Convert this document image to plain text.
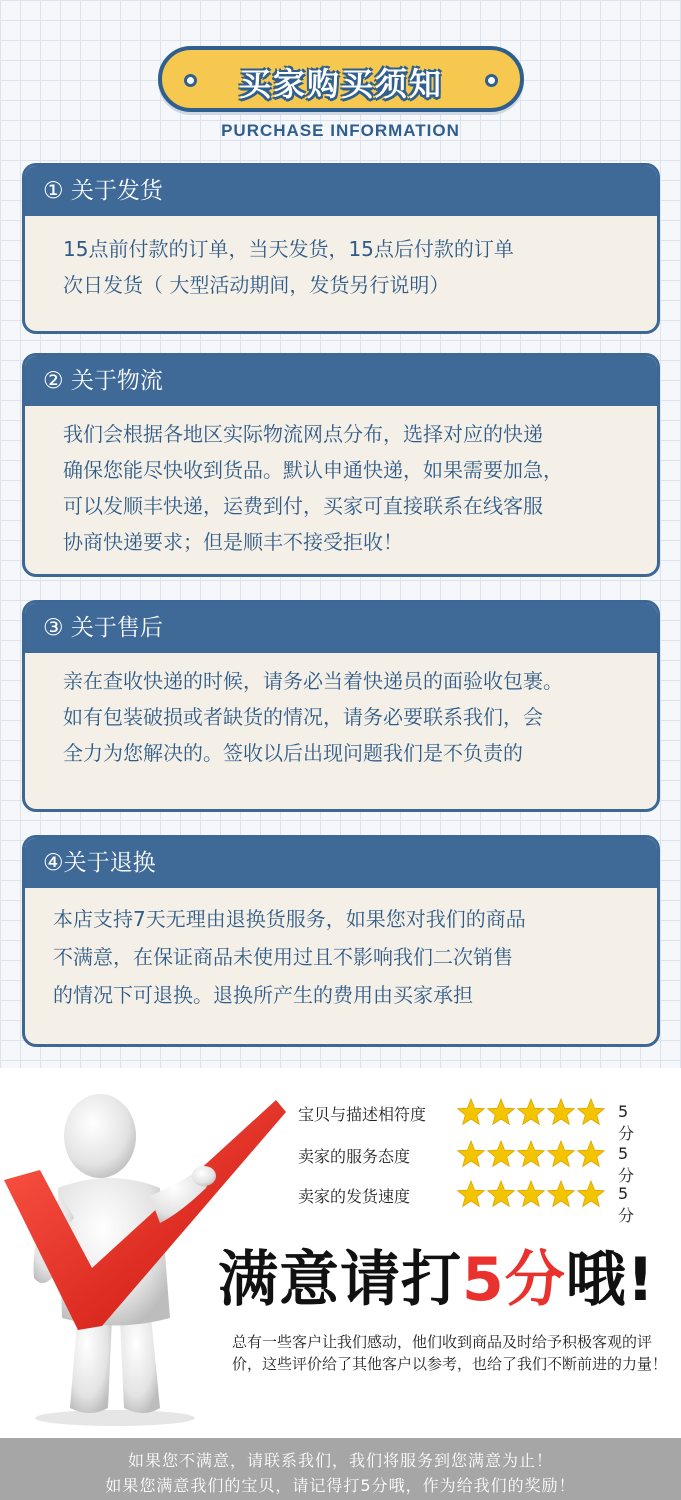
买家购买须知
PURCHASE INFORMATION
① 关于发货
15点前付款的订单，当天发货，15点后付款的订单
次日发货（ 大型活动期间，发货另行说明）
② 关于物流
我们会根据各地区实际物流网点分布，选择对应的快递
确保您能尽快收到货品。默认申通快递，如果需要加急，
可以发顺丰快递，运费到付，买家可直接联系在线客服
协商快递要求；但是顺丰不接受拒收！
③ 关于售后
亲在查收快递的时候，请务必当着快递员的面验收包裹。
如有包装破损或者缺货的情况，请务必要联系我们，会
全力为您解决的。签收以后出现问题我们是不负责的
④关于退换
本店支持7天无理由退换货服务，如果您对我们的商品
不满意，在保证商品未使用过且不影响我们二次销售
的情况下可退换。退换所产生的费用由买家承担
宝贝与描述相符度	5分
卖家的服务态度	5分
卖家的发货速度	5分
满意请打5分哦!
总有一些客户让我们感动，他们收到商品及时给予积极客观的评价，这些评价给了其他客户以参考，也给了我们不断前进的力量！
如果您不满意，请联系我们，我们将服务到您满意为止！
如果您满意我们的宝贝，请记得打5分哦，作为给我们的奖励！
